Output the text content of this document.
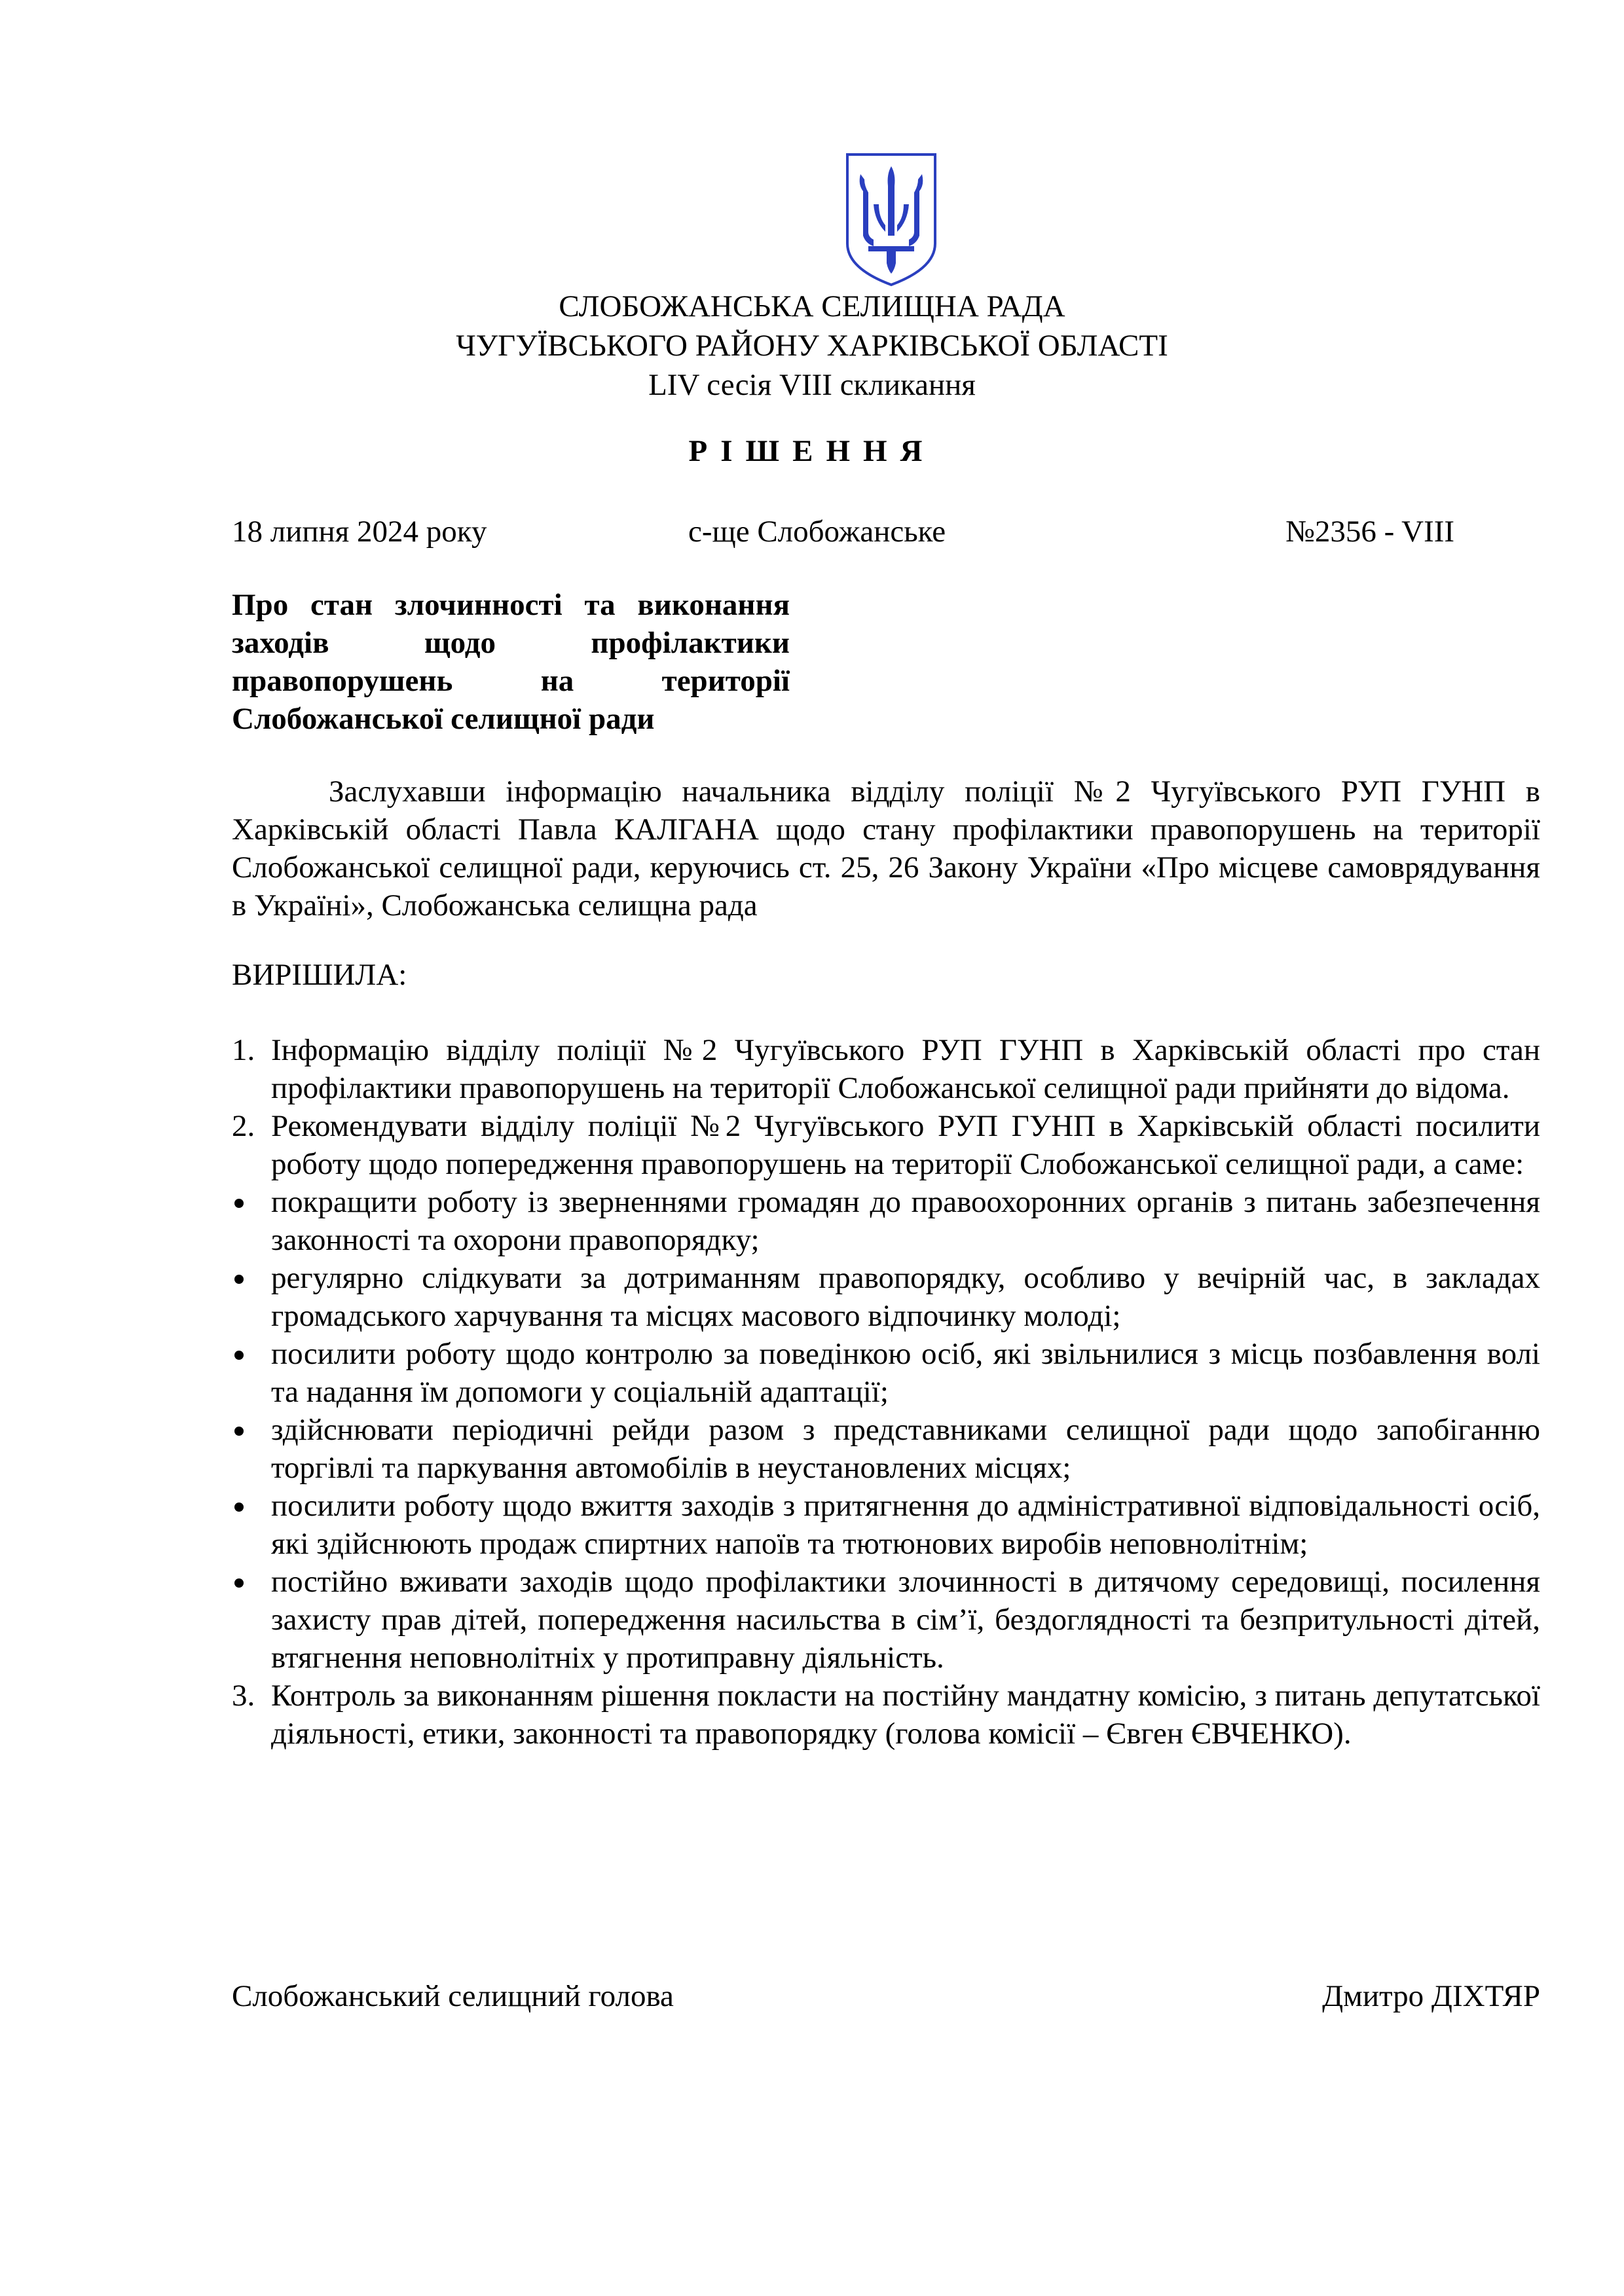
СЛОБОЖАНСЬКА СЕЛИЩНА РАДА
ЧУГУЇВСЬКОГО РАЙОНУ ХАРКІВСЬКОЇ ОБЛАСТІ
LIV сесія VIII скликання
РІШЕННЯ
18 липня 2024 року	с-ще Слобожанське	№2356 - VIII
Про стан злочинності та виконання
заходів щодо профілактики
правопорушень на території
Слобожанської селищної ради
Заслухавши інформацію начальника відділу поліції №2 Чугуївського РУП ГУНП в Харківській області Павла КАЛГАНА щодо стану профілактики правопорушень на території Слобожанської селищної ради, керуючись ст. 25, 26 Закону України «Про місцеве самоврядування в Україні», Слобожанська селищна рада
ВИРІШИЛА:
1. Інформацію відділу поліції №2 Чугуївського РУП ГУНП в Харківській області про стан профілактики правопорушень на території Слобожанської селищної ради прийняти до відома.
2. Рекомендувати відділу поліції №2 Чугуївського РУП ГУНП в Харківській області посилити роботу щодо попередження правопорушень на території Слобожанської селищної ради, а саме:
покращити роботу із зверненнями громадян до правоохоронних органів з питань забезпечення законності та охорони правопорядку;
регулярно слідкувати за дотриманням правопорядку, особливо у вечірній час, в закладах громадського харчування та місцях масового відпочинку молоді;
посилити роботу щодо контролю за поведінкою осіб, які звільнилися з місць позбавлення волі та надання їм допомоги у соціальній адаптації;
здійснювати періодичні рейди разом з представниками селищної ради щодо запобіганню торгівлі та паркування автомобілів в неустановлених місцях;
посилити роботу щодо вжиття заходів з притягнення до адміністративної відповідальності осіб, які здійснюють продаж спиртних напоїв та тютюнових виробів неповнолітнім;
постійно вживати заходів щодо профілактики злочинності в дитячому середовищі, посилення захисту прав дітей, попередження насильства в сім’ї, бездоглядності та безпритульності дітей, втягнення неповнолітніх у протиправну діяльність.
3. Контроль за виконанням рішення покласти на постійну мандатну комісію, з питань депутатської діяльності, етики, законності та правопорядку (голова комісії – Євген ЄВЧЕНКО).
Слобожанський селищний голова	Дмитро ДІХТЯР
